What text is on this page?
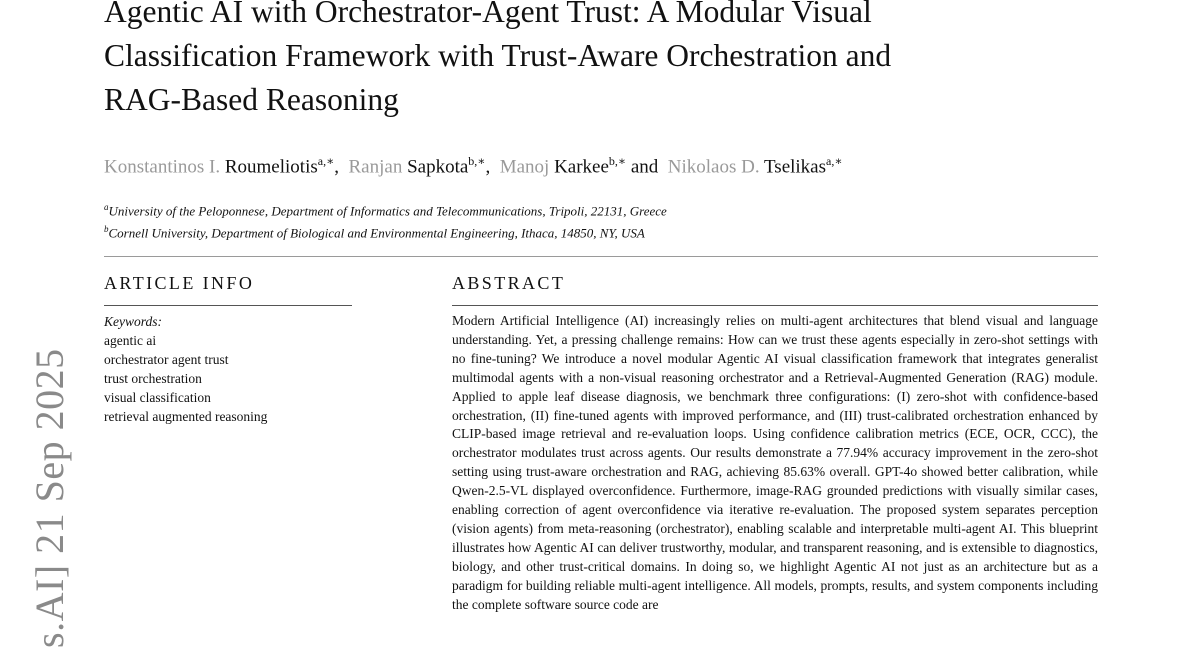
Agentic AI with Orchestrator-Agent Trust: A Modular Visual
Classification Framework with Trust-Aware Orchestration and
RAG-Based Reasoning
Konstantinos I. Roumeliotis$^{a,∗}$, Ranjan Sapkota$^{b,∗}$, Manoj Karkee$^{b,∗}$ and Nikolaos D. Tselikas$^{a,∗}$
$^a$University of the Peloponnese, Department of Informatics and Telecommunications, Tripoli, 22131, Greece
$^b$Cornell University, Department of Biological and Environmental Engineering, Ithaca, 14850, NY, USA
ARTICLE INFO	ABSTRACT
Keywords:
agentic ai
orchestrator agent trust
trust orchestration
visual classification
retrieval augmented reasoning

Modern Artificial Intelligence (AI) increasingly relies on multi-agent architectures that blend visual and language understanding. Yet, a pressing challenge remains: How can we trust these agents especially in zero-shot settings with no fine-tuning? We introduce a novel modular Agentic AI visual classification framework that integrates generalist multimodal agents with a non-visual reasoning orchestrator and a Retrieval-Augmented Generation (RAG) module. Applied to apple leaf disease diagnosis, we benchmark three configurations: (I) zero-shot with confidence-based orchestration, (II) fine-tuned agents with improved performance, and (III) trust-calibrated orchestration enhanced by CLIP-based image retrieval and re-evaluation loops. Using confidence calibration metrics (ECE, OCR, CCC), the orchestrator modulates trust across agents. Our results demonstrate a 77.94% accuracy improvement in the zero-shot setting using trust-aware orchestration and RAG, achieving 85.63% overall. GPT-4o showed better calibration, while Qwen-2.5-VL displayed overconfidence. Furthermore, image-RAG grounded predictions with visually similar cases, enabling correction of agent overconfidence via iterative re-evaluation. The proposed system separates perception (vision agents) from meta-reasoning (orchestrator), enabling scalable and interpretable multi-agent AI. This blueprint illustrates how Agentic AI can deliver trustworthy, modular, and transparent reasoning, and is extensible to diagnostics, biology, and other trust-critical domains. In doing so, we highlight Agentic AI not just as an architecture but as a paradigm for building reliable multi-agent intelligence. All models, prompts, results, and system components including the complete software source code are

s.AI] 21 Sep 2025
